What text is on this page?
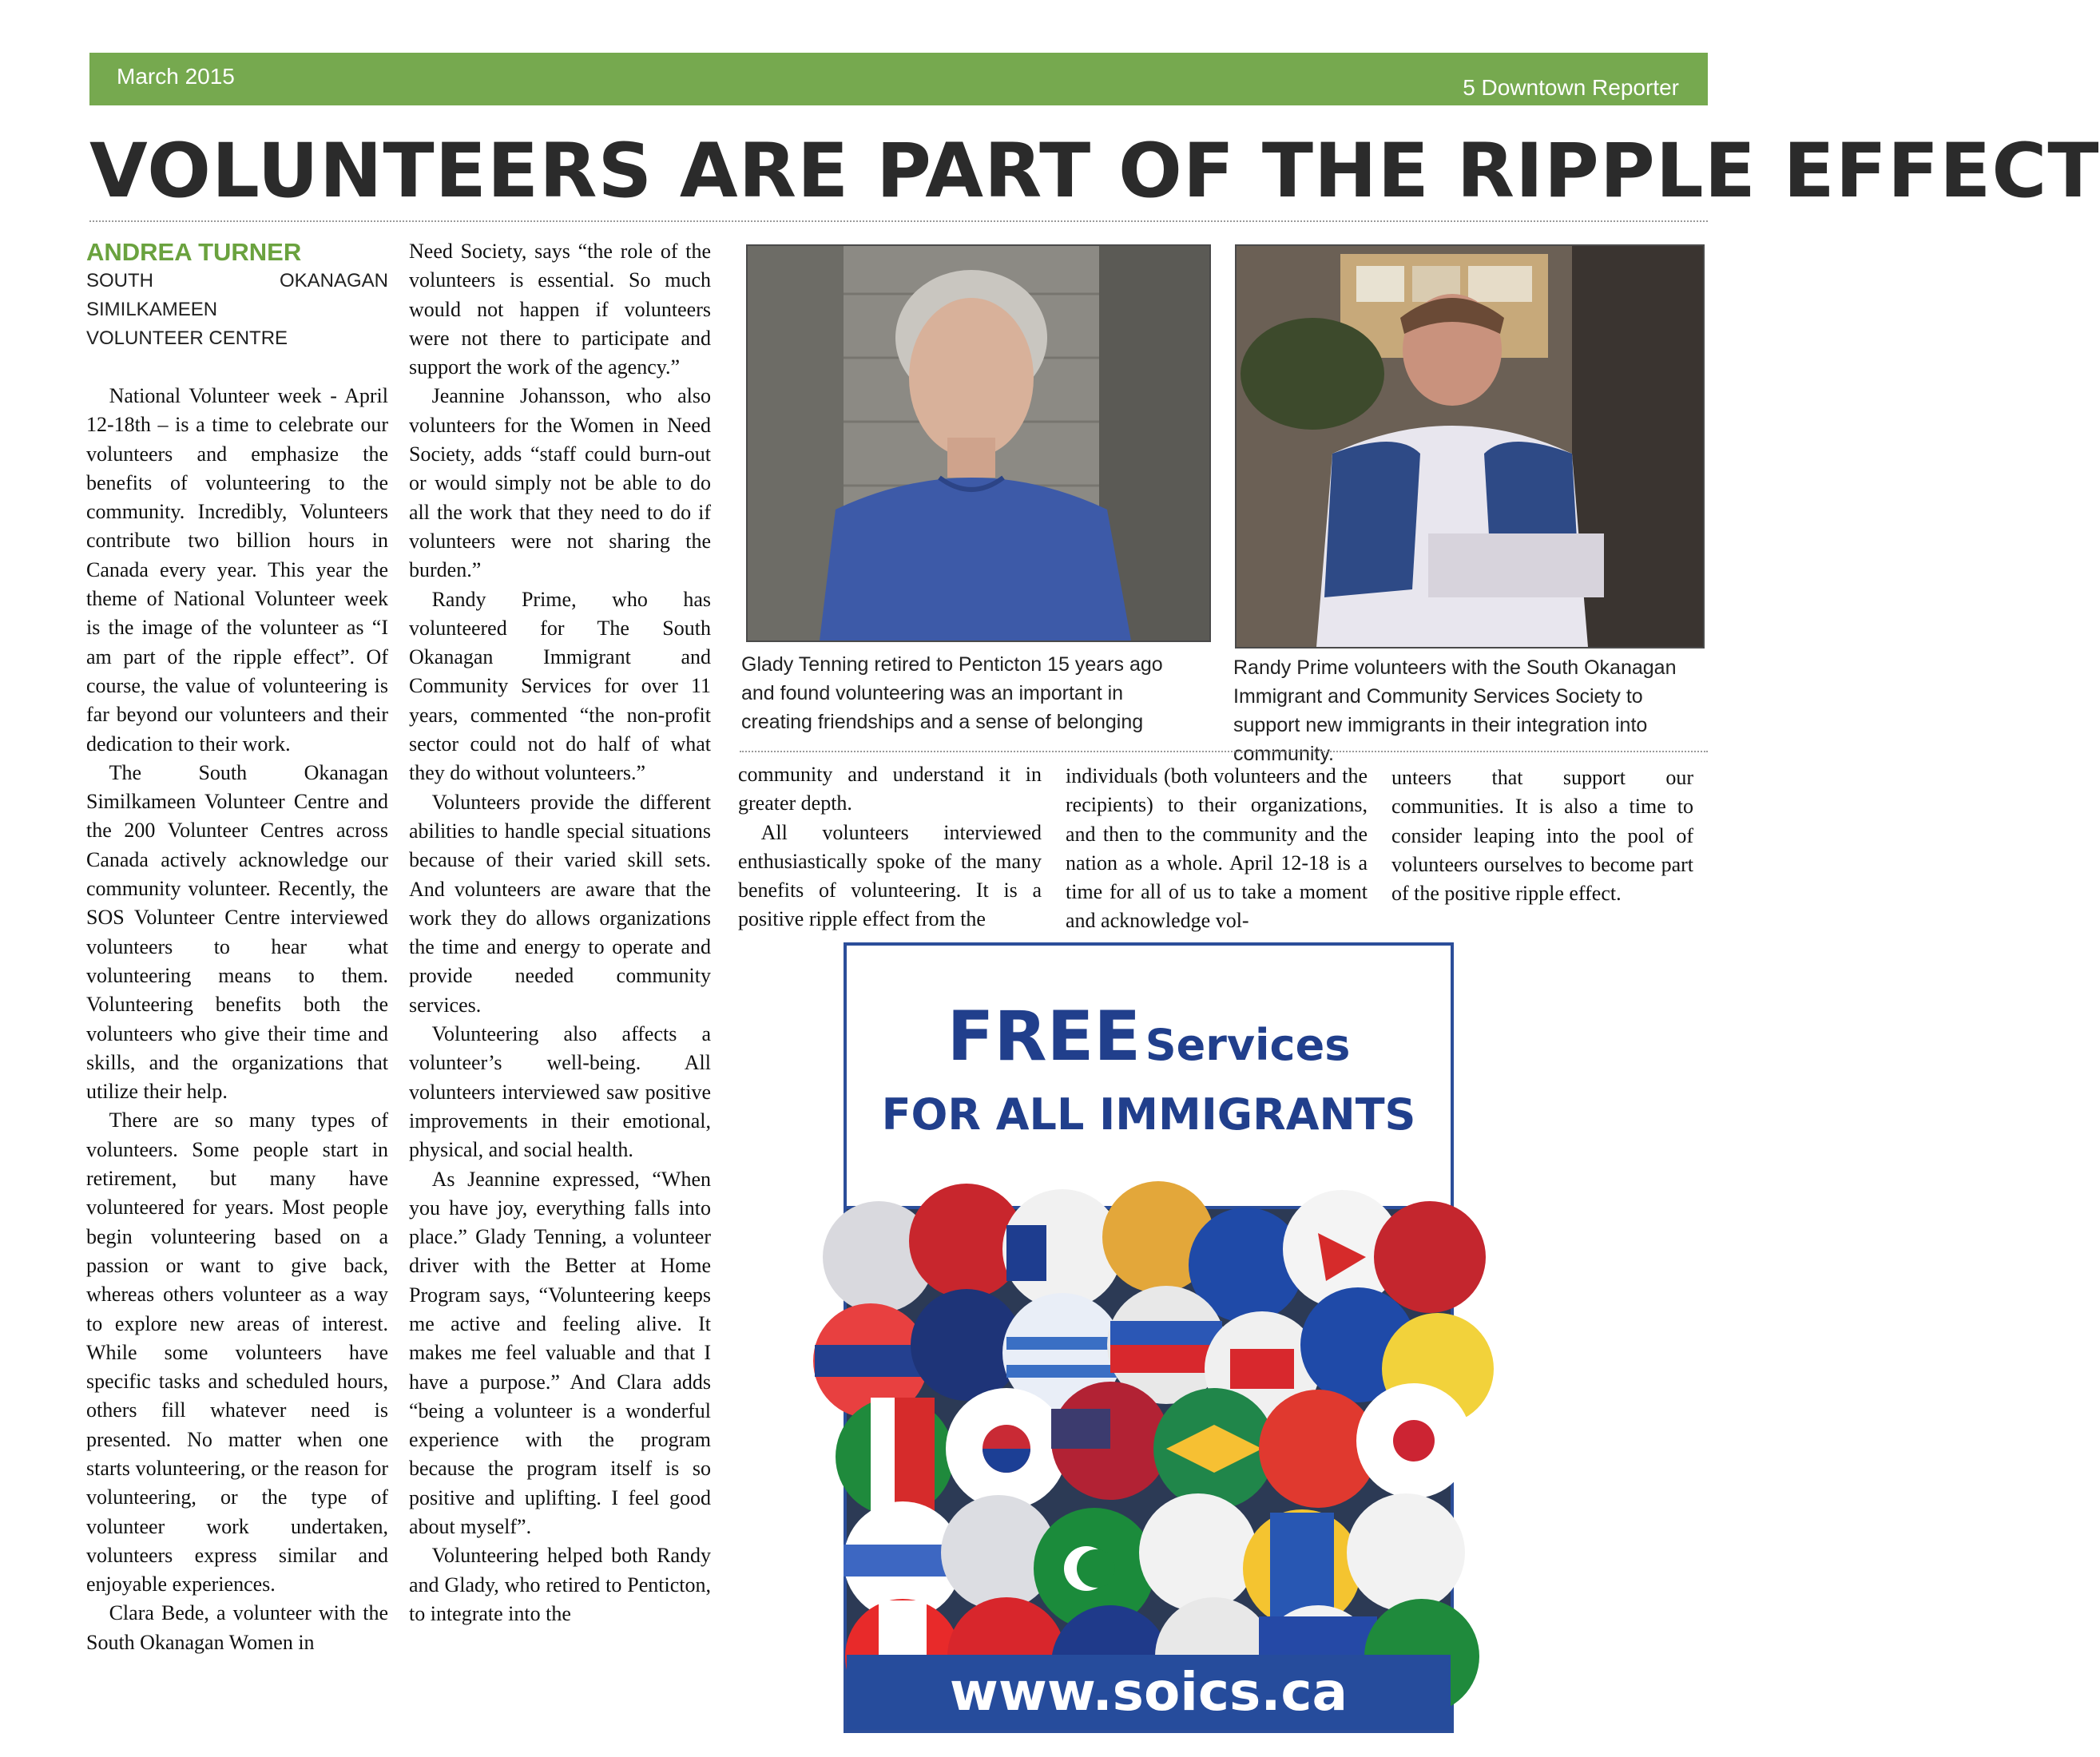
March 2015	5 Downtown Reporter
VOLUNTEERS ARE PART OF THE RIPPLE EFFECT
ANDREA TURNER
SOUTH OKANAGAN SIMILKAMEEN
VOLUNTEER CENTRE

National Volunteer week - April 12-18th – is a time to celebrate our volunteers and emphasize the benefits of volunteering to the community. Incredibly, Volunteers contribute two billion hours in Canada every year. This year the theme of National Volunteer week is the image of the volunteer as “I am part of the ripple effect”. Of course, the value of volunteering is far beyond our volunteers and their dedication to their work.

The South Okanagan Similkameen Volunteer Centre and the 200 Volunteer Centres across Canada actively acknowledge our community volunteer. Recently, the SOS Volunteer Centre interviewed volunteers to hear what volunteering means to them. Volunteering benefits both the volunteers who give their time and skills, and the organizations that utilize their help.

There are so many types of volunteers. Some people start in retirement, but many have volunteered for years. Most people begin volunteering based on a passion or want to give back, whereas others volunteer as a way to explore new areas of interest. While some volunteers have specific tasks and scheduled hours, others fill whatever need is presented. No matter when one starts volunteering, or the reason for volunteering, or the type of volunteer work undertaken, volunteers express similar and enjoyable experiences.

Clara Bede, a volunteer with the South Okanagan Women in

Need Society, says “the role of the volunteers is essential. So much would not happen if volunteers were not there to participate and support the work of the agency.”

Jeannine Johansson, who also volunteers for the Women in Need Society, adds “staff could burn-out or would simply not be able to do all the work that they need to do if volunteers were not sharing the burden.”

Randy Prime, who has volunteered for The South Okanagan Immigrant and Community Services for over 11 years, commented “the non-profit sector could not do half of what they do without volunteers.”

Volunteers provide the different abilities to handle special situations because of their varied skill sets. And volunteers are aware that the work they do allows organizations the time and energy to operate and provide needed community services.

Volunteering also affects a volunteer’s well-being. All volunteers interviewed saw positive improvements in their emotional, physical, and social health.

As Jeannine expressed, “When you have joy, everything falls into place.” Glady Tenning, a volunteer driver with the Better at Home Program says, “Volunteering keeps me active and feeling alive. It makes me feel valuable and that I have a purpose.” And Clara adds “being a volunteer is a wonderful experience with the program because the program itself is so positive and uplifting. I feel good about myself”.

Volunteering helped both Randy and Glady, who retired to Penticton, to integrate into the

Glady Tenning retired to Penticton 15 years ago and found volunteering was an important in creating friendships and a sense of belonging
Randy Prime volunteers with the South Okanagan Immigrant and Community Services Society to support new immigrants in their integration into community.

community and understand it in greater depth.

All volunteers interviewed enthusiastically spoke of the many benefits of volunteering. It is a positive ripple effect from the

individuals (both volunteers and the recipients) to their organizations, and then to the community and the nation as a whole. April 12-18 is a time for all of us to take a moment and acknowledge vol-

unteers that support our communities. It is also a time to consider leaping into the pool of volunteers ourselves to become part of the positive ripple effect.

FREE Services
FOR ALL IMMIGRANTS
www.soics.ca
